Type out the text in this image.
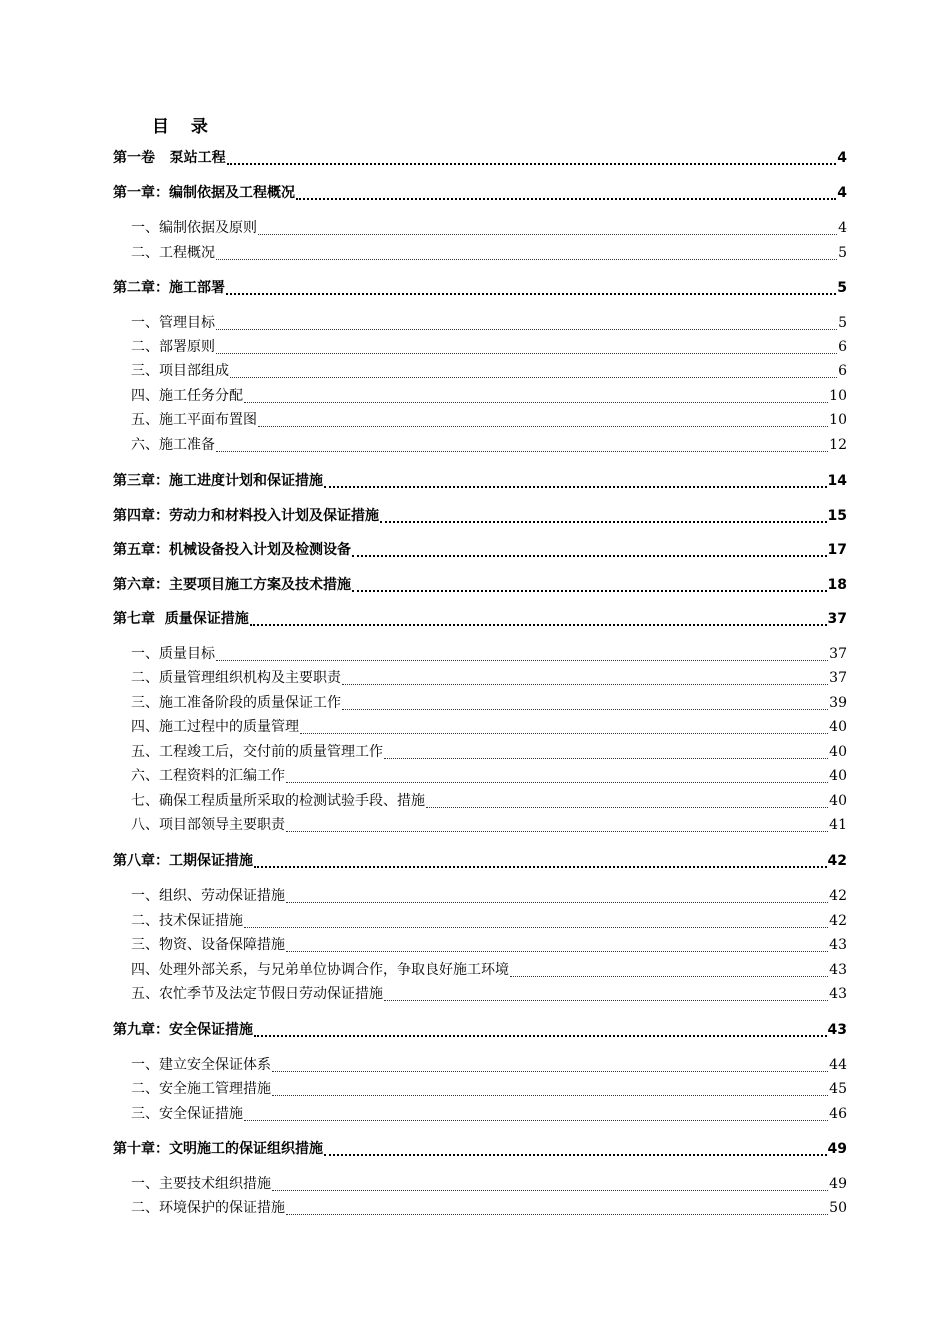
目 录
第一卷   泵站工程	4
第一章：编制依据及工程概况	4
一、编制依据及原则	4
二、工程概况	5
第二章：施工部署	5
一、管理目标	5
二、部署原则	6
三、项目部组成	6
四、施工任务分配	10
五、施工平面布置图	10
六、施工准备	12
第三章：施工进度计划和保证措施	14
第四章：劳动力和材料投入计划及保证措施	15
第五章：机械设备投入计划及检测设备	17
第六章：主要项目施工方案及技术措施	18
第七章  质量保证措施	37
一、质量目标	37
二、质量管理组织机构及主要职责	37
三、施工准备阶段的质量保证工作	39
四、施工过程中的质量管理	40
五、工程竣工后，交付前的质量管理工作	40
六、工程资料的汇编工作	40
七、确保工程质量所采取的检测试验手段、措施	40
八、项目部领导主要职责	41
第八章：工期保证措施	42
一、组织、劳动保证措施	42
二、技术保证措施	42
三、物资、设备保障措施	43
四、处理外部关系，与兄弟单位协调合作，争取良好施工环境	43
五、农忙季节及法定节假日劳动保证措施	43
第九章：安全保证措施	43
一、建立安全保证体系	44
二、安全施工管理措施	45
三、安全保证措施	46
第十章：文明施工的保证组织措施	49
一、主要技术组织措施	49
二、环境保护的保证措施	50
